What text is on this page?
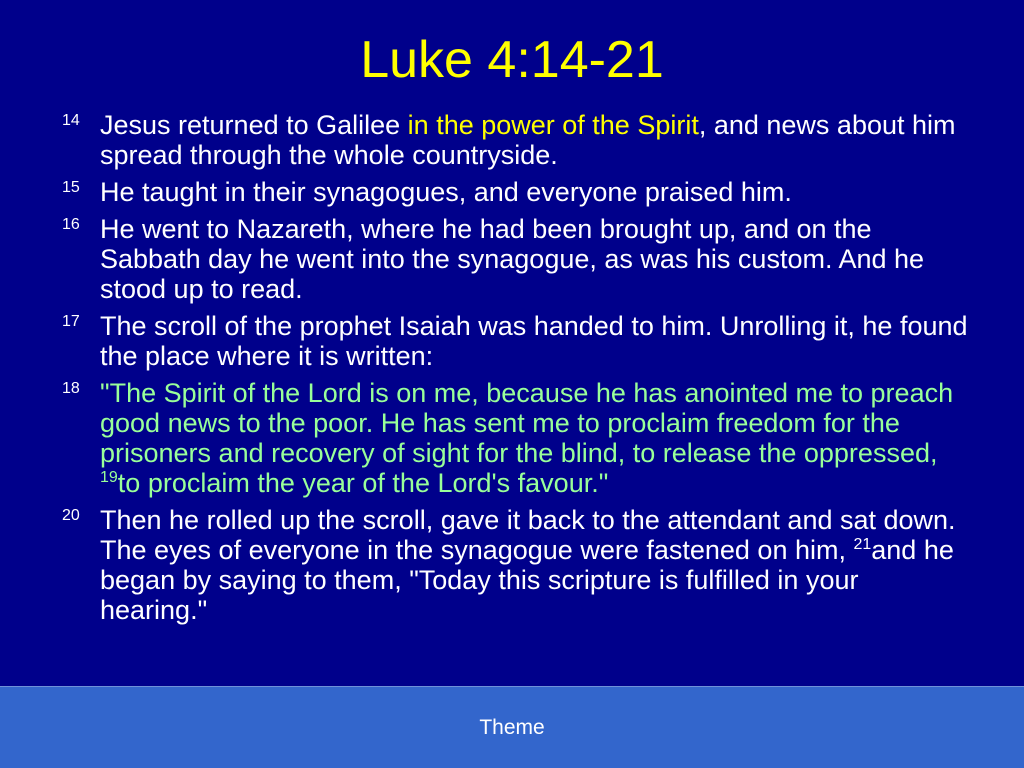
Luke 4:14-21
14 Jesus returned to Galilee in the power of the Spirit, and news about him spread through the whole countryside.
15 He taught in their synagogues, and everyone praised him.
16 He went to Nazareth, where he had been brought up, and on the Sabbath day he went into the synagogue, as was his custom. And he stood up to read.
17 The scroll of the prophet Isaiah was handed to him. Unrolling it, he found the place where it is written:
18 "The Spirit of the Lord is on me, because he has anointed me to preach good news to the poor. He has sent me to proclaim freedom for the prisoners and recovery of sight for the blind, to release the oppressed, $^{19}$to proclaim the year of the Lord's favour."
20 Then he rolled up the scroll, gave it back to the attendant and sat down. The eyes of everyone in the synagogue were fastened on him, $^{21}$and he began by saying to them, "Today this scripture is fulfilled in your hearing."
Theme
